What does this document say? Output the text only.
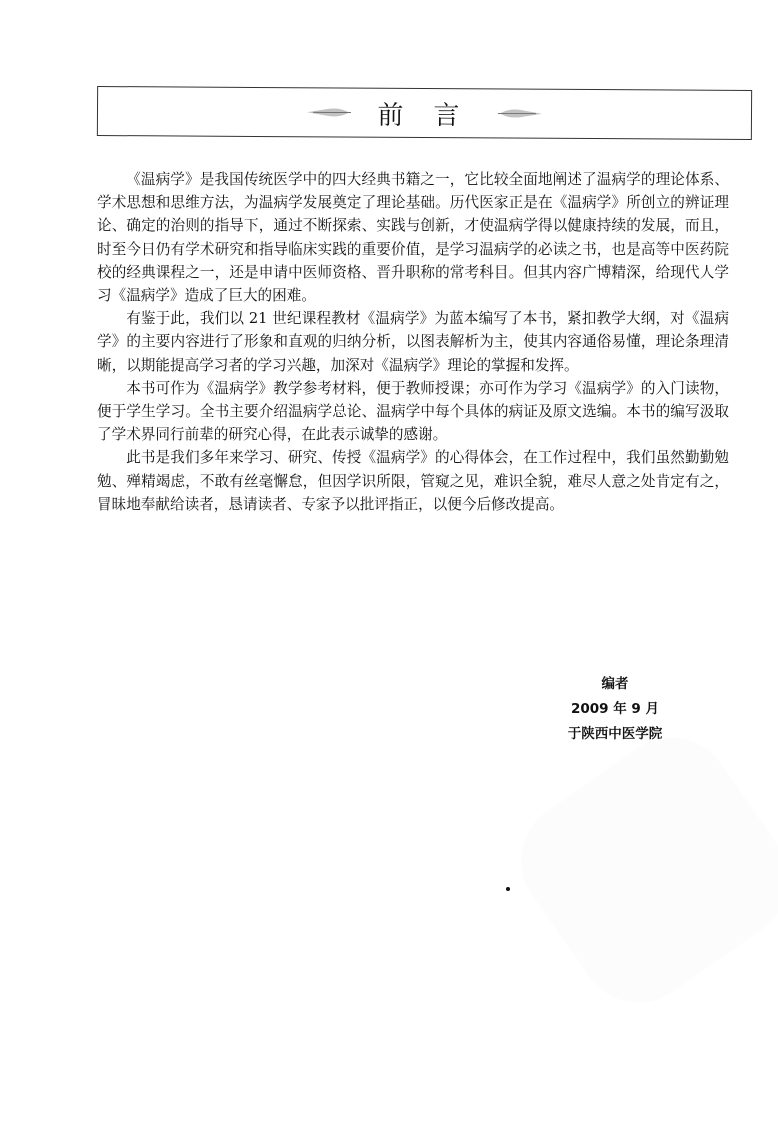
前言

《温病学》是我国传统医学中的四大经典书籍之一，它比较全面地阐述了温病学的理论体系、学术思想和思维方法，为温病学发展奠定了理论基础。历代医家正是在《温病学》所创立的辨证理论、确定的治则的指导下，通过不断探索、实践与创新，才使温病学得以健康持续的发展，而且，时至今日仍有学术研究和指导临床实践的重要价值，是学习温病学的必读之书，也是高等中医药院校的经典课程之一，还是申请中医师资格、晋升职称的常考科目。但其内容广博精深，给现代人学习《温病学》造成了巨大的困难。

有鉴于此，我们以 21 世纪课程教材《温病学》为蓝本编写了本书，紧扣教学大纲，对《温病学》的主要内容进行了形象和直观的归纳分析，以图表解析为主，使其内容通俗易懂，理论条理清晰，以期能提高学习者的学习兴趣，加深对《温病学》理论的掌握和发挥。

本书可作为《温病学》教学参考材料，便于教师授课；亦可作为学习《温病学》的入门读物，便于学生学习。全书主要介绍温病学总论、温病学中每个具体的病证及原文选编。本书的编写汲取了学术界同行前辈的研究心得，在此表示诚挚的感谢。

此书是我们多年来学习、研究、传授《温病学》的心得体会，在工作过程中，我们虽然勤勤勉勉、殚精竭虑，不敢有丝毫懈怠，但因学识所限，管窥之见，难识全貌，难尽人意之处肯定有之，冒昧地奉献给读者，恳请读者、专家予以批评指正，以便今后修改提高。

编者
2009 年 9 月
于陕西中医学院
